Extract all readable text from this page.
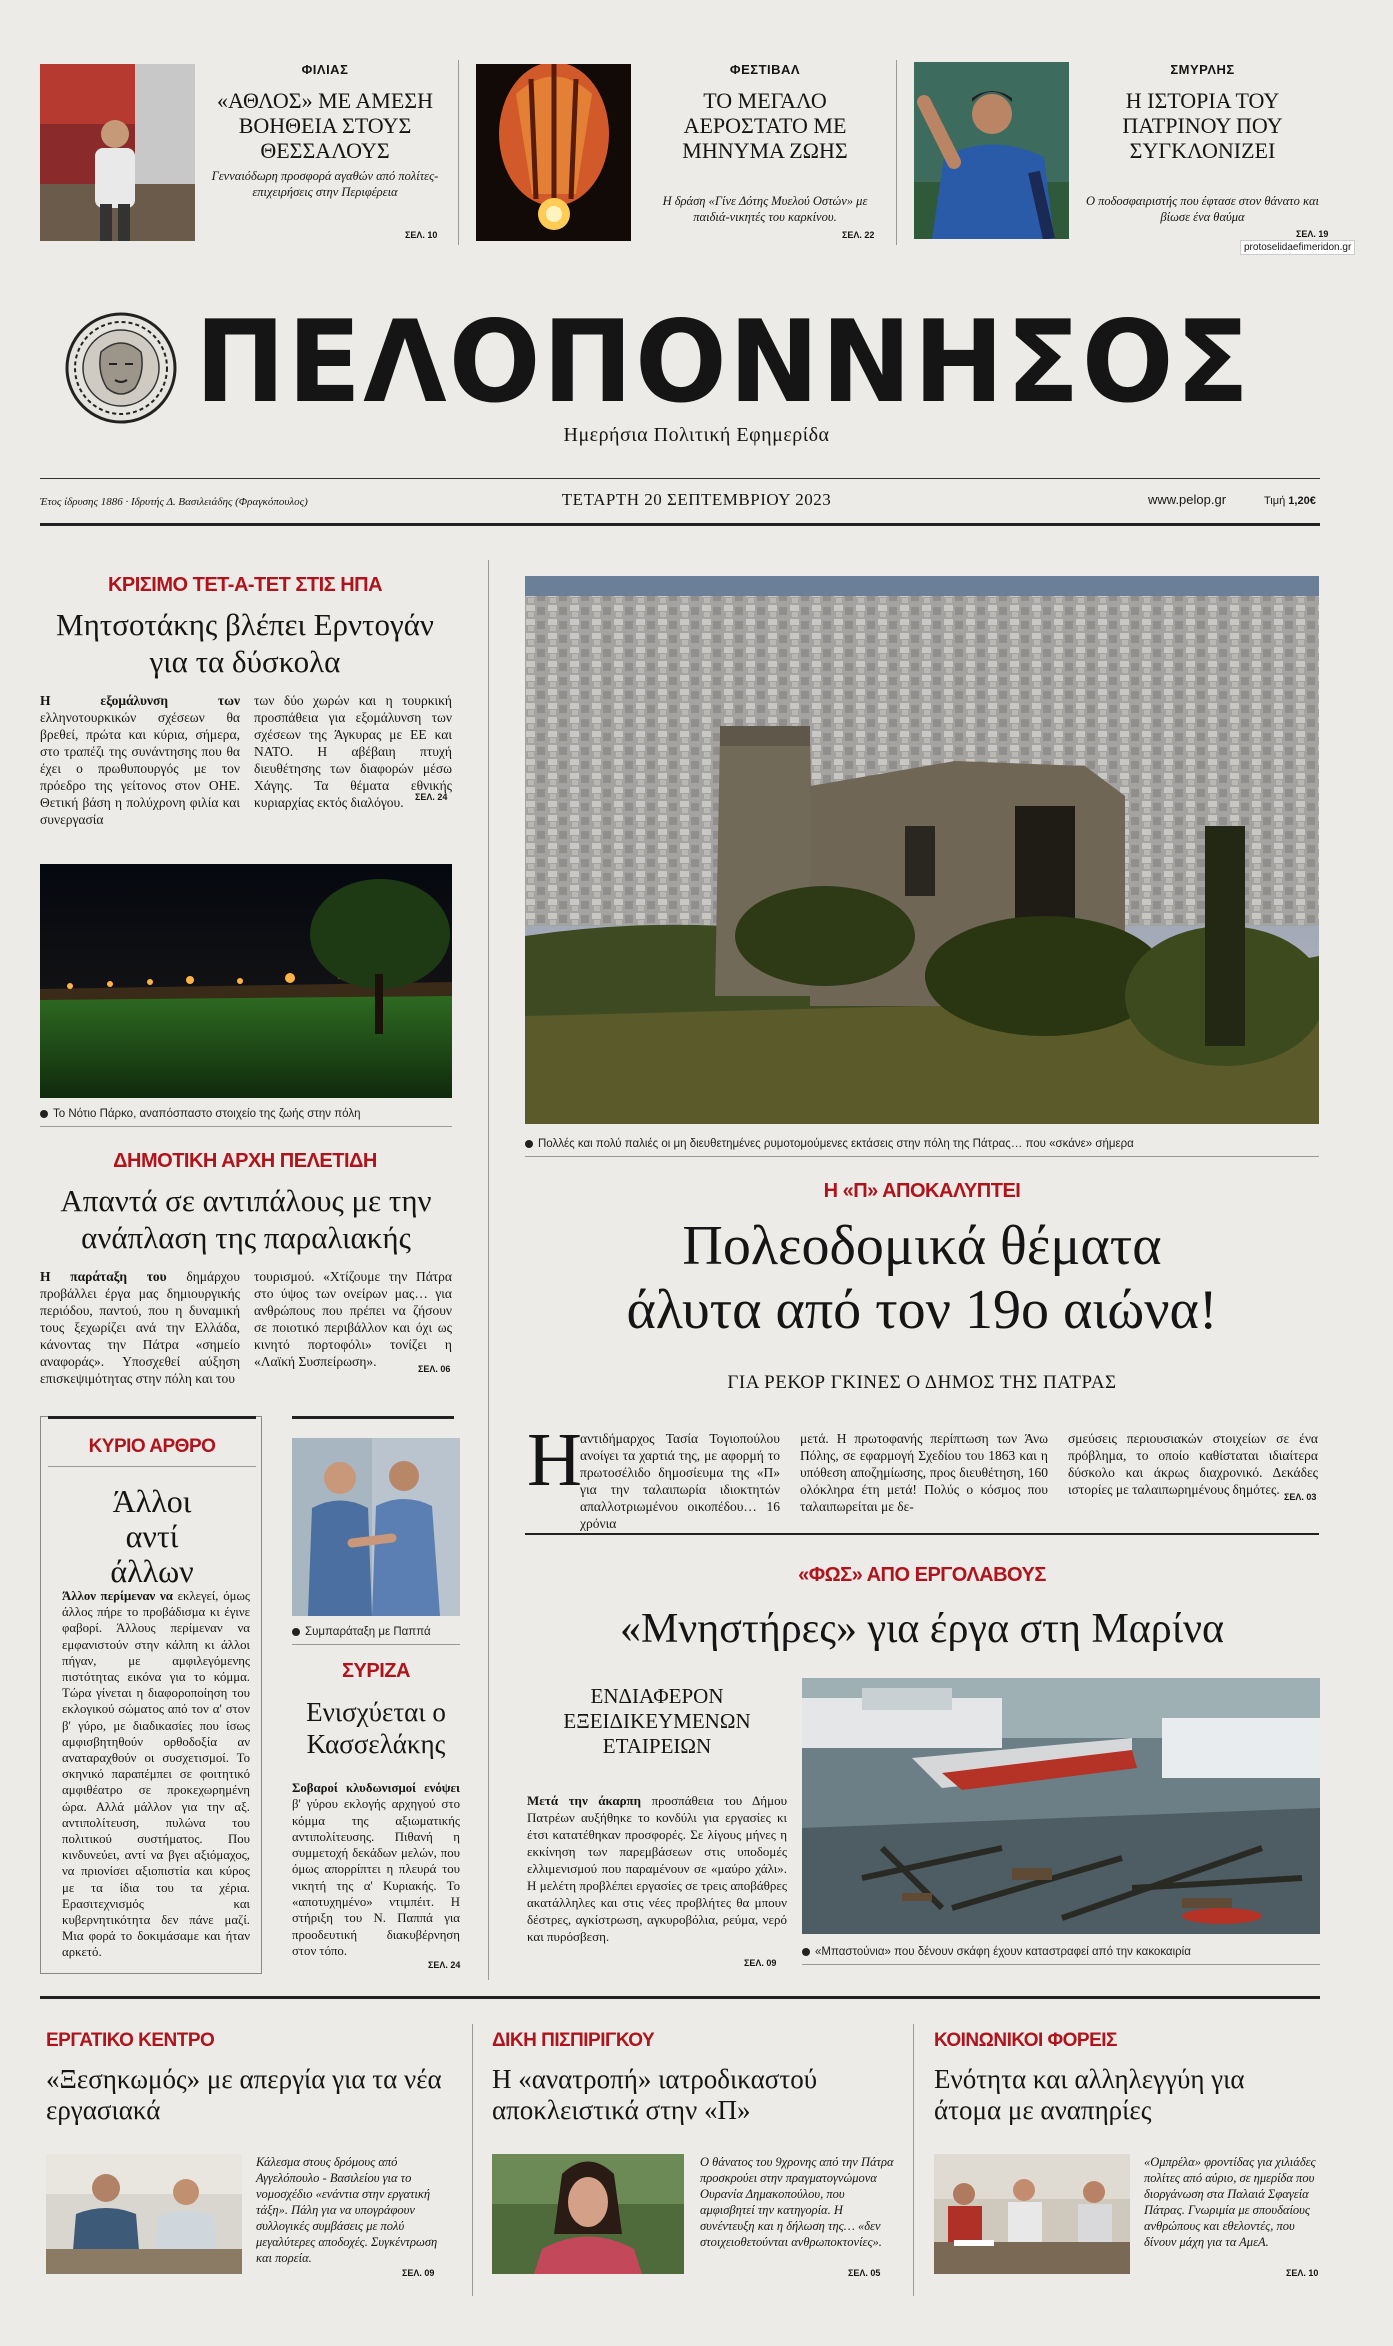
ΦΙΛΙΑΣ
«ΑΘΛΟΣ» ΜΕ ΑΜΕΣΗ ΒΟΗΘΕΙΑ ΣΤΟΥΣ ΘΕΣΣΑΛΟΥΣ
Γενναιόδωρη προσφορά αγαθών από πολίτες-επιχειρήσεις στην Περιφέρεια
ΣΕΛ. 10
ΦΕΣΤΙΒΑΛ
ΤΟ ΜΕΓΑΛΟ ΑΕΡΟΣΤΑΤΟ ΜΕ ΜΗΝΥΜΑ ΖΩΗΣ
Η δράση «Γίνε Δότης Μυελού Οστών» με παιδιά-νικητές του καρκίνου.
ΣΕΛ. 22
ΣΜΥΡΛΗΣ
Η ΙΣΤΟΡΙΑ ΤΟΥ ΠΑΤΡΙΝΟΥ ΠΟΥ ΣΥΓΚΛΟΝΙΖΕΙ
Ο ποδοσφαιριστής που έφτασε στον θάνατο και βίωσε ένα θαύμα
ΣΕΛ. 19
protoselidaefimeridon.gr
ΠΕΛΟΠΟΝΝΗΣΟΣ
Ημερήσια Πολιτική Εφημερίδα
Έτος ίδρυσης 1886 · Ιδρυτής Δ. Βασιλειάδης (Φραγκόπουλος)	ΤΕΤΑΡΤΗ 20 ΣΕΠΤΕΜΒΡΙΟΥ 2023	www.pelop.gr	Τιμή 1,20€
ΚΡΙΣΙΜΟ ΤΕΤ-Α-ΤΕΤ ΣΤΙΣ ΗΠΑ
Μητσοτάκης βλέπει Ερντογάν για τα δύσκολα
Η εξομάλυνση των ελληνοτουρκικών σχέσεων θα βρεθεί, πρώτα και κύρια, σήμερα, στο τραπέζι της συνάντησης που θα έχει ο πρωθυπουργός με τον πρόεδρο της γείτονος στον ΟΗΕ. Θετική βάση η πολύχρονη φιλία και συνεργασία
των δύο χωρών και η τουρκική προσπάθεια για εξομάλυνση των σχέσεων της Άγκυρας με ΕΕ και ΝΑΤΟ. Η αβέβαιη πτυχή διευθέτησης των διαφορών μέσω Χάγης. Τα θέματα εθνικής κυριαρχίας εκτός διαλόγου.	ΣΕΛ. 24
Το Νότιο Πάρκο, αναπόσπαστο στοιχείο της ζωής στην πόλη
ΔΗΜΟΤΙΚΗ ΑΡΧΗ ΠΕΛΕΤΙΔΗ
Απαντά σε αντιπάλους με την ανάπλαση της παραλιακής
Η παράταξη του δημάρχου προβάλλει έργα μας δημιουργικής περιόδου, παντού, που η δυναμική τους ξεχωρίζει ανά την Ελλάδα, κάνοντας την Πάτρα «σημείο αναφοράς». Υποσχεθεί αύξηση επισκεψιμότητας στην πόλη και του
τουρισμού. «Χτίζουμε την Πάτρα στο ύψος των ονείρων μας… για ανθρώπους που πρέπει να ζήσουν σε ποιοτικό περιβάλλον και όχι ως κινητό πορτοφόλι» τονίζει η «Λαϊκή Συσπείρωση».	ΣΕΛ. 06
ΚΥΡΙΟ ΑΡΘΡΟ
Άλλοι αντί άλλων
Άλλον περίμεναν να εκλεγεί, όμως άλλος πήρε το προβάδισμα κι έγινε φαβορί. Άλλους περίμεναν να εμφανιστούν στην κάλπη κι άλλοι πήγαν, με αμφιλεγόμενης πιστότητας εικόνα για το κόμμα. Τώρα γίνεται η διαφοροποίηση του εκλογικού σώματος από τον α' στον β' γύρο, με διαδικασίες που ίσως αμφισβητηθούν ορθοδοξία αν αναταραχθούν οι συσχετισμοί. Το σκηνικό παραπέμπει σε φοιτητικό αμφιθέατρο σε προκεχωρημένη ώρα. Αλλά μάλλον για την αξ. αντιπολίτευση, πυλώνα του πολιτικού συστήματος. Που κινδυνεύει, αντί να βγει αξιόμαχος, να πριονίσει αξιοπιστία και κύρος με τα ίδια του τα χέρια. Ερασιτεχνισμός και κυβερνητικότητα δεν πάνε μαζί. Μια φορά το δοκιμάσαμε και ήταν αρκετό.
Συμπαράταξη με Παππά
ΣΥΡΙΖΑ
Ενισχύεται ο Κασσελάκης
Σοβαροί κλυδωνισμοί ενόψει β' γύρου εκλογής αρχηγού στο κόμμα της αξιωματικής αντιπολίτευσης. Πιθανή η συμμετοχή δεκάδων μελών, που όμως απορρίπτει η πλευρά του νικητή της α' Κυριακής. Το «αποτυχημένο» ντιμπέιτ. Η στήριξη του Ν. Παππά για προοδευτική διακυβέρνηση στον τόπο.
ΣΕΛ. 24
Πολλές και πολύ παλιές οι μη διευθετημένες ρυμοτομούμενες εκτάσεις στην πόλη της Πάτρας… που «σκάνε» σήμερα
Η «Π» ΑΠΟΚΑΛΥΠΤΕΙ
Πολεοδομικά θέματα
άλυτα από τον 19ο αιώνα!
ΓΙΑ ΡΕΚΟΡ ΓΚΙΝΕΣ Ο ΔΗΜΟΣ ΤΗΣ ΠΑΤΡΑΣ
Η
αντιδήμαρχος Τασία Τογιοπούλου ανοίγει τα χαρτιά της, με αφορμή το πρωτοσέλιδο δημοσίευμα της «Π» για την ταλαιπωρία ιδιοκτητών απαλλοτριωμένου οικοπέδου… 16 χρόνια
μετά. Η πρωτοφανής περίπτωση των Άνω Πόλης, σε εφαρμογή Σχεδίου του 1863 και η υπόθεση αποζημίωσης, προς διευθέτηση, 160 ολόκληρα έτη μετά! Πολύς ο κόσμος που ταλαιπωρείται με δε-
σμεύσεις περιουσιακών στοιχείων σε ένα πρόβλημα, το οποίο καθίσταται ιδιαίτερα δύσκολο και άκρως διαχρονικό. Δεκάδες ιστορίες με ταλαιπωρημένους δημότες. ΣΕΛ. 03
«ΦΩΣ» ΑΠΟ ΕΡΓΟΛΑΒΟΥΣ
«Μνηστήρες» για έργα στη Μαρίνα
ΕΝΔΙΑΦΕΡΟΝ
ΕΞΕΙΔΙΚΕΥΜΕΝΩΝ
ΕΤΑΙΡΕΙΩΝ
Μετά την άκαρπη προσπάθεια του Δήμου Πατρέων αυξήθηκε το κονδύλι για εργασίες κι έτσι κατατέθηκαν προσφορές. Σε λίγους μήνες η εκκίνηση των παρεμβάσεων στις υποδομές ελλιμενισμού που παραμένουν σε «μαύρο χάλι». Η μελέτη προβλέπει εργασίες σε τρεις αποβάθρες ακατάλληλες και στις νέες προβλήτες θα μπουν δέστρες, αγκίστρωση, αγκυροβόλια, ρεύμα, νερό και πυρόσβεση.
ΣΕΛ. 09
«Μπαστούνια» που δένουν σκάφη έχουν καταστραφεί από την κακοκαιρία
ΕΡΓΑΤΙΚΟ ΚΕΝΤΡΟ
«Ξεσηκωμός» με απεργία για τα νέα εργασιακά
Κάλεσμα στους δρόμους από Αγγελόπουλο - Βασιλείου για το νομοσχέδιο «ενάντια στην εργατική τάξη». Πάλη για να υπογράφουν συλλογικές συμβάσεις με πολύ μεγαλύτερες αποδοχές. Συγκέντρωση και πορεία.
ΣΕΛ. 09
ΔΙΚΗ ΠΙΣΠΙΡΙΓΚΟΥ
Η «ανατροπή» ιατροδικαστού αποκλειστικά στην «Π»
Ο θάνατος του 9χρονης από την Πάτρα προσκρούει στην πραγματογνώμονα Ουρανία Δημακοπούλου, που αμφισβητεί την κατηγορία. Η συνέντευξη και η δήλωση της… «δεν στοιχειοθετούνται ανθρωποκτονίες».
ΣΕΛ. 05
ΚΟΙΝΩΝΙΚΟΙ ΦΟΡΕΙΣ
Ενότητα και αλληλεγγύη για άτομα με αναπηρίες
«Ομπρέλα» φροντίδας για χιλιάδες πολίτες από αύριο, σε ημερίδα που διοργάνωση στα Παλαιά Σφαγεία Πάτρας. Γνωριμία με σπουδαίους ανθρώπους και εθελοντές, που δίνουν μάχη για τα ΑμεΑ.
ΣΕΛ. 10
